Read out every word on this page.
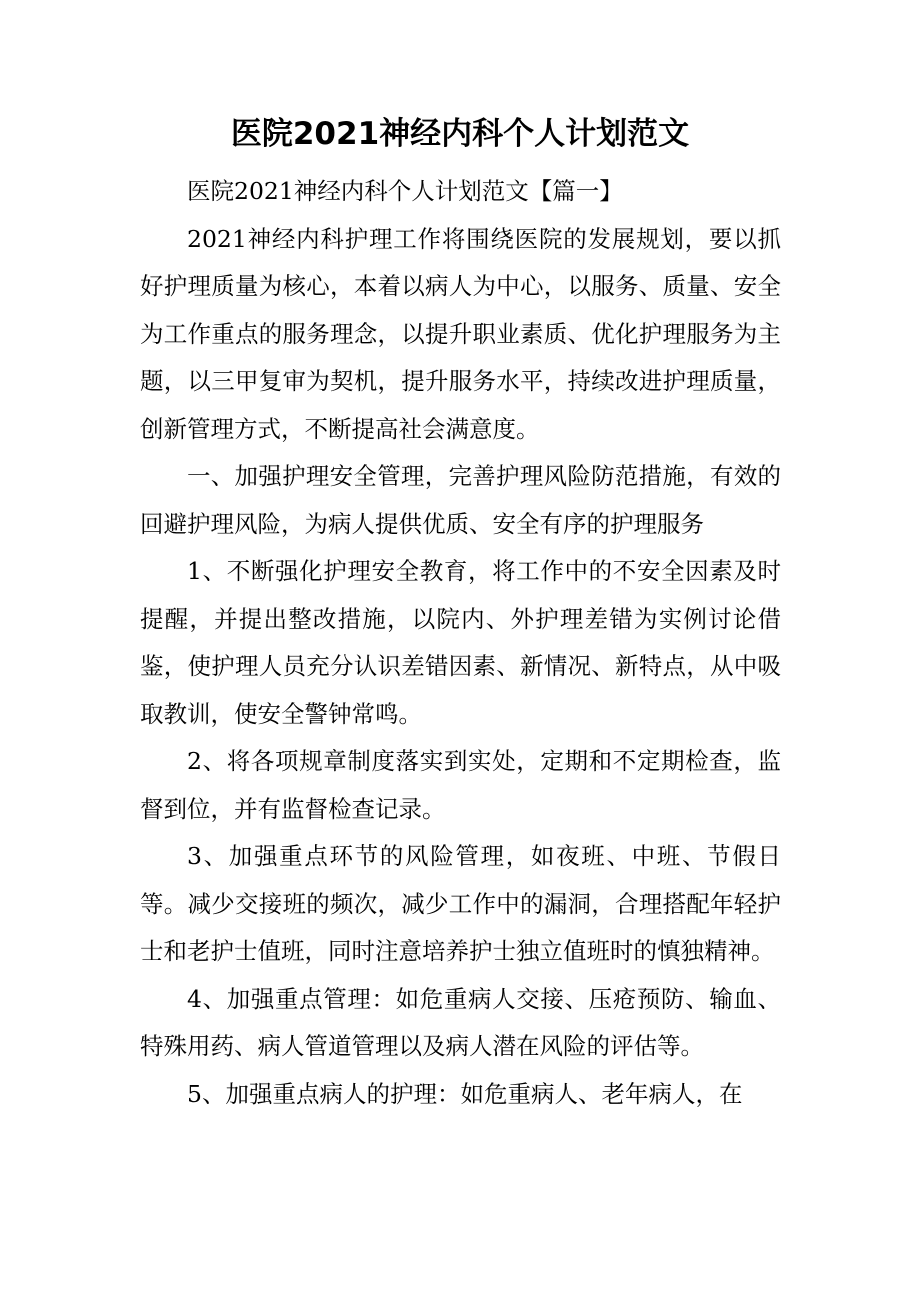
医院2021神经内科个人计划范文

医院2021神经内科个人计划范文【篇一】

2021神经内科护理工作将围绕医院的发展规划，要以抓好护理质量为核心，本着以病人为中心，以服务、质量、安全为工作重点的服务理念，以提升职业素质、优化护理服务为主题，以三甲复审为契机，提升服务水平，持续改进护理质量，创新管理方式，不断提高社会满意度。

一、加强护理安全管理，完善护理风险防范措施，有效的回避护理风险，为病人提供优质、安全有序的护理服务

1、不断强化护理安全教育，将工作中的不安全因素及时提醒，并提出整改措施，以院内、外护理差错为实例讨论借鉴，使护理人员充分认识差错因素、新情况、新特点，从中吸取教训，使安全警钟常鸣。

2、将各项规章制度落实到实处，定期和不定期检查，监督到位，并有监督检查记录。

3、加强重点环节的风险管理，如夜班、中班、节假日等。减少交接班的频次，减少工作中的漏洞，合理搭配年轻护士和老护士值班，同时注意培养护士独立值班时的慎独精神。

4、加强重点管理：如危重病人交接、压疮预防、输血、特殊用药、病人管道管理以及病人潜在风险的评估等。

5、加强重点病人的护理：如危重病人、老年病人，在
